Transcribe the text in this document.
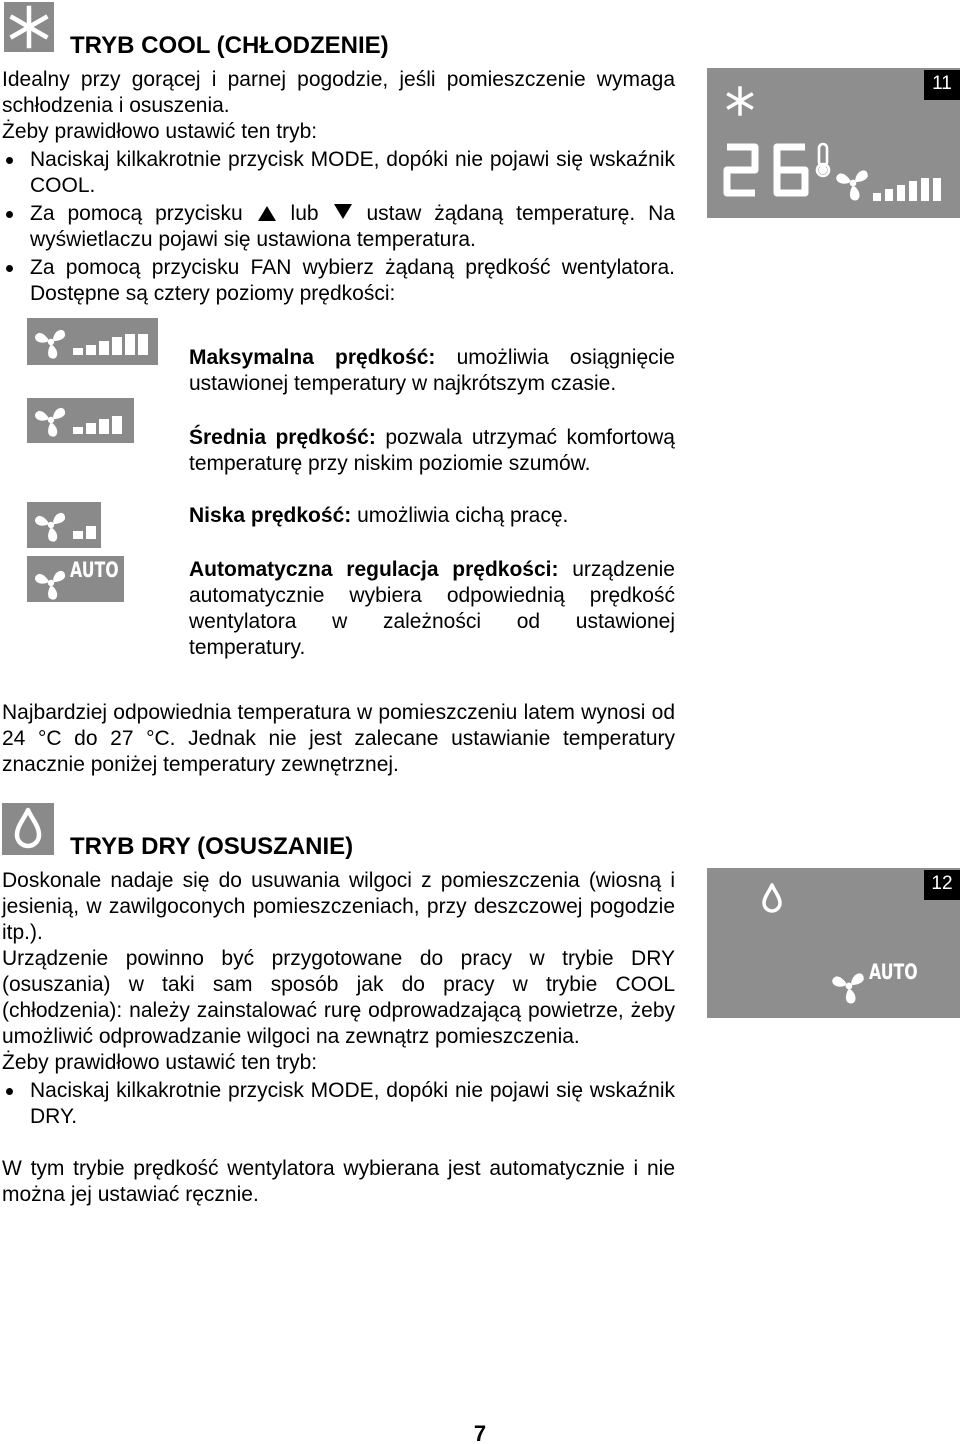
TRYB COOL (CHŁODZENIE)

Idealny przy gorącej i parnej pogodzie, jeśli pomieszczenie wymaga schłodzenia i osuszenia.

Żeby prawidłowo ustawić ten tryb:

Naciskaj kilkakrotnie przycisk MODE, dopóki nie pojawi się wskaźnik COOL.

Za pomocą przycisku lub ustaw żądaną temperaturę. Na wyświetlaczu pojawi się ustawiona temperatura.

Za pomocą przycisku FAN wybierz żądaną prędkość wentylatora. Dostępne są cztery poziomy prędkości:

11
AUTO

Maksymalna prędkość: umożliwia osiągnięcie ustawionej temperatury w najkrótszym czasie.

Średnia prędkość: pozwala utrzymać komfortową temperaturę przy niskim poziomie szumów.

Niska prędkość: umożliwia cichą pracę.

Automatyczna regulacja prędkości: urządzenie automatycznie wybiera odpowiednią prędkość wentylatora w zależności od ustawionej temperatury.

Najbardziej odpowiednia temperatura w pomieszczeniu latem wynosi od 24 °C do 27 °C. Jednak nie jest zalecane ustawianie temperatury znacznie poniżej temperatury zewnętrznej.
TRYB DRY (OSUSZANIE)

Doskonale nadaje się do usuwania wilgoci z pomieszczenia (wiosną i jesienią, w zawilgoconych pomieszczeniach, przy deszczowej pogodzie itp.).

Urządzenie powinno być przygotowane do pracy w trybie DRY (osuszania) w taki sam sposób jak do pracy w trybie COOL (chłodzenia): należy zainstalować rurę odprowadzającą powietrze, żeby umożliwić odprowadzanie wilgoci na zewnątrz pomieszczenia.

Żeby prawidłowo ustawić ten tryb:

Naciskaj kilkakrotnie przycisk MODE, dopóki nie pojawi się wskaźnik DRY.

W tym trybie prędkość wentylatora wybierana jest automatycznie i nie można jej ustawiać ręcznie.

AUTO
12
7
